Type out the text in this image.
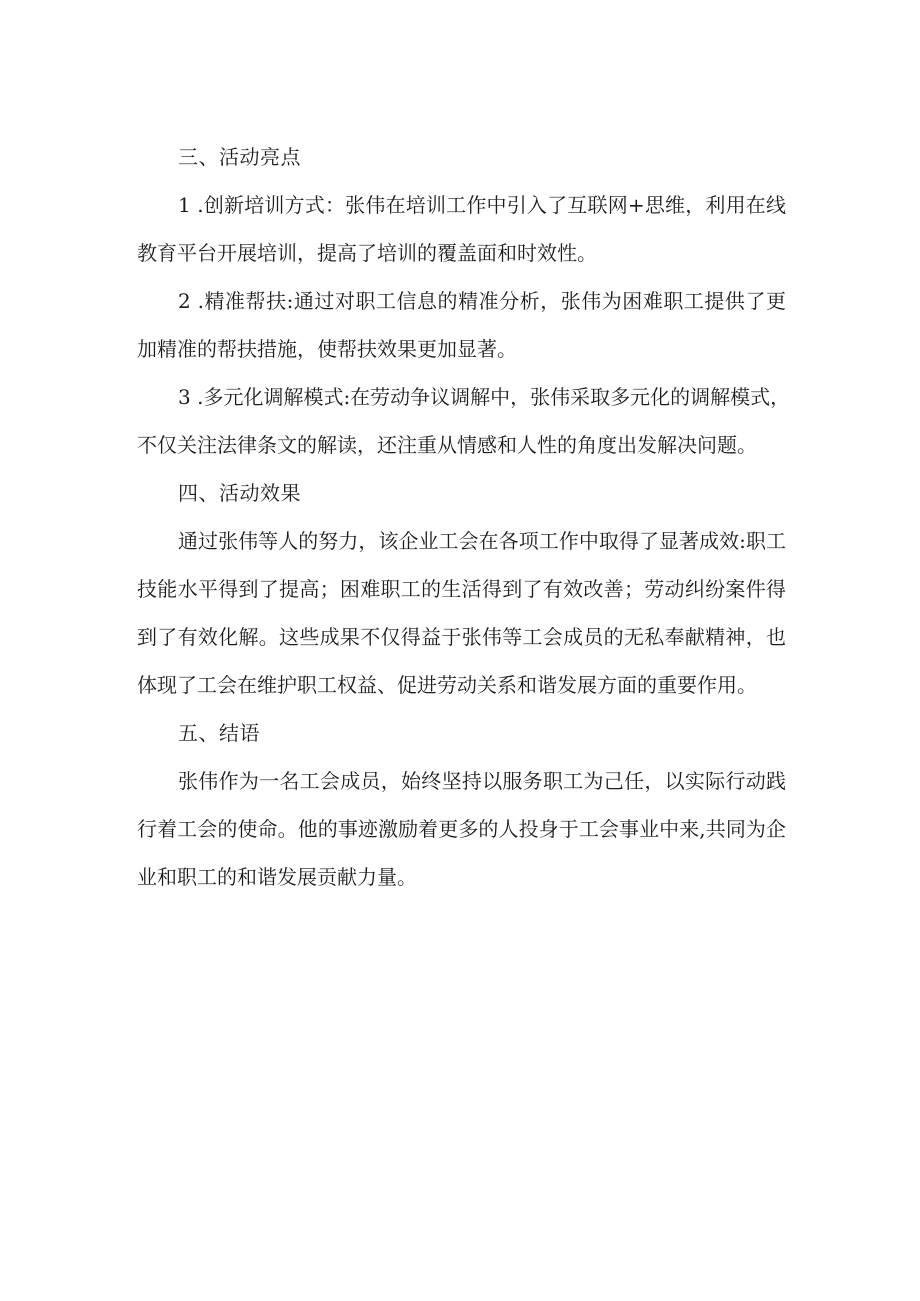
三、活动亮点
1 .创新培训方式：张伟在培训工作中引入了互联网+思维，利用在线
教育平台开展培训，提高了培训的覆盖面和时效性。
2 .精准帮扶:通过对职工信息的精准分析，张伟为困难职工提供了更
加精准的帮扶措施，使帮扶效果更加显著。
3 .多元化调解模式:在劳动争议调解中，张伟采取多元化的调解模式，
不仅关注法律条文的解读，还注重从情感和人性的角度出发解决问题。
四、活动效果
通过张伟等人的努力，该企业工会在各项工作中取得了显著成效:职工
技能水平得到了提高；困难职工的生活得到了有效改善；劳动纠纷案件得
到了有效化解。这些成果不仅得益于张伟等工会成员的无私奉献精神，也
体现了工会在维护职工权益、促进劳动关系和谐发展方面的重要作用。
五、结语
张伟作为一名工会成员，始终坚持以服务职工为己任，以实际行动践
行着工会的使命。他的事迹激励着更多的人投身于工会事业中来,共同为企
业和职工的和谐发展贡献力量。
